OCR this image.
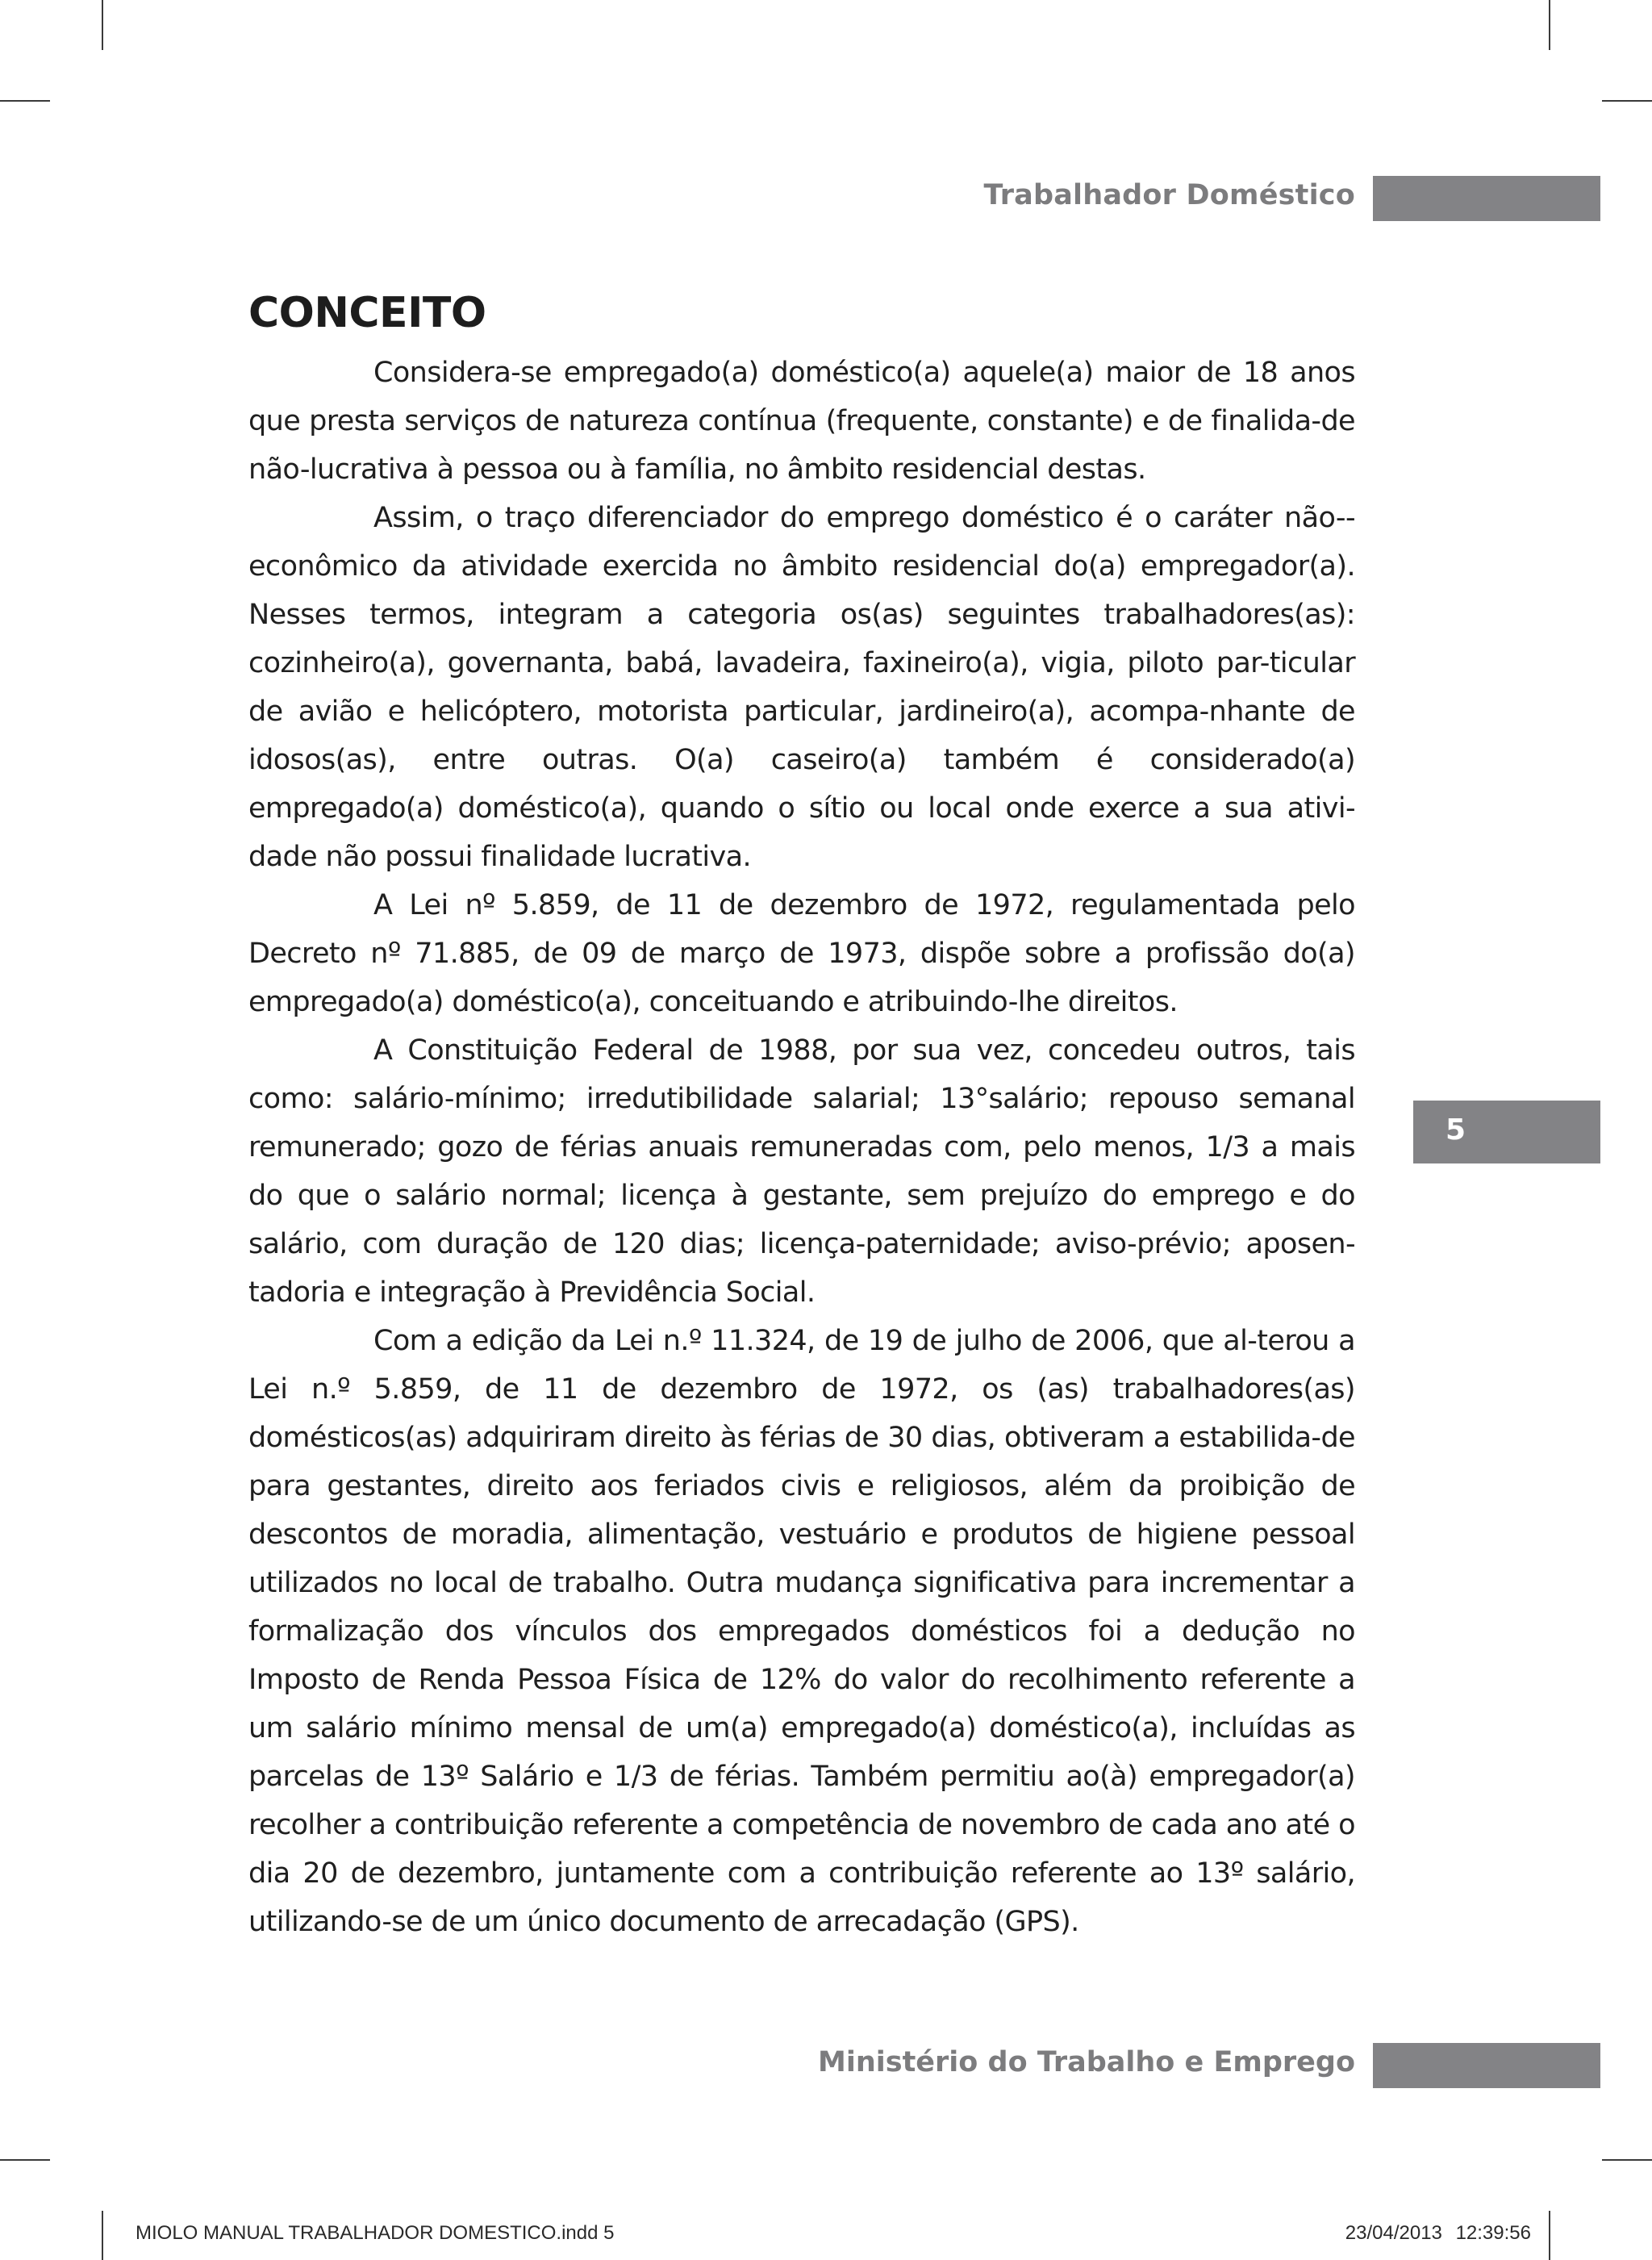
Trabalhador Doméstico
CONCEITO

Considera-se empregado(a) doméstico(a) aquele(a) maior de 18 anos que presta serviços de natureza contínua (frequente, constante) e de finalida-de não-lucrativa à pessoa ou à família, no âmbito residencial destas.

Assim, o traço diferenciador do emprego doméstico é o caráter não--econômico da atividade exercida no âmbito residencial do(a) empregador(a). Nesses termos, integram a categoria os(as) seguintes trabalhadores(as): cozinheiro(a), governanta, babá, lavadeira, faxineiro(a), vigia, piloto par-ticular de avião e helicóptero, motorista particular, jardineiro(a), acompa-nhante de idosos(as), entre outras. O(a) caseiro(a) também é considerado(a) empregado(a) doméstico(a), quando o sítio ou local onde exerce a sua ativi-dade não possui finalidade lucrativa.

A Lei nº 5.859, de 11 de dezembro de 1972, regulamentada pelo Decreto nº 71.885, de 09 de março de 1973, dispõe sobre a profissão do(a) empregado(a) doméstico(a), conceituando e atribuindo-lhe direitos.

A Constituição Federal de 1988, por sua vez, concedeu outros, tais como: salário-mínimo; irredutibilidade salarial; 13°salário; repouso semanal remunerado; gozo de férias anuais remuneradas com, pelo menos, 1/3 a mais do que o salário normal; licença à gestante, sem prejuízo do emprego e do salário, com duração de 120 dias; licença-paternidade; aviso-prévio; aposen-tadoria e integração à Previdência Social.

Com a edição da Lei n.º 11.324, de 19 de julho de 2006, que al-terou a Lei n.º 5.859, de 11 de dezembro de 1972, os (as) trabalhadores(as) domésticos(as) adquiriram direito às férias de 30 dias, obtiveram a estabilida-de para gestantes, direito aos feriados civis e religiosos, além da proibição de descontos de moradia, alimentação, vestuário e produtos de higiene pessoal utilizados no local de trabalho. Outra mudança significativa para incrementar a formalização dos vínculos dos empregados domésticos foi a dedução no Imposto de Renda Pessoa Física de 12% do valor do recolhimento referente a um salário mínimo mensal de um(a) empregado(a) doméstico(a), incluídas as parcelas de 13º Salário e 1/3 de férias. Também permitiu ao(à) empregador(a) recolher a contribuição referente a competência de novembro de cada ano até o dia 20 de dezembro, juntamente com a contribuição referente ao 13º salário, utilizando-se de um único documento de arrecadação (GPS).

5
Ministério do Trabalho e Emprego
MIOLO MANUAL TRABALHADOR DOMESTICO.indd 5	23/04/2013 12:39:56
